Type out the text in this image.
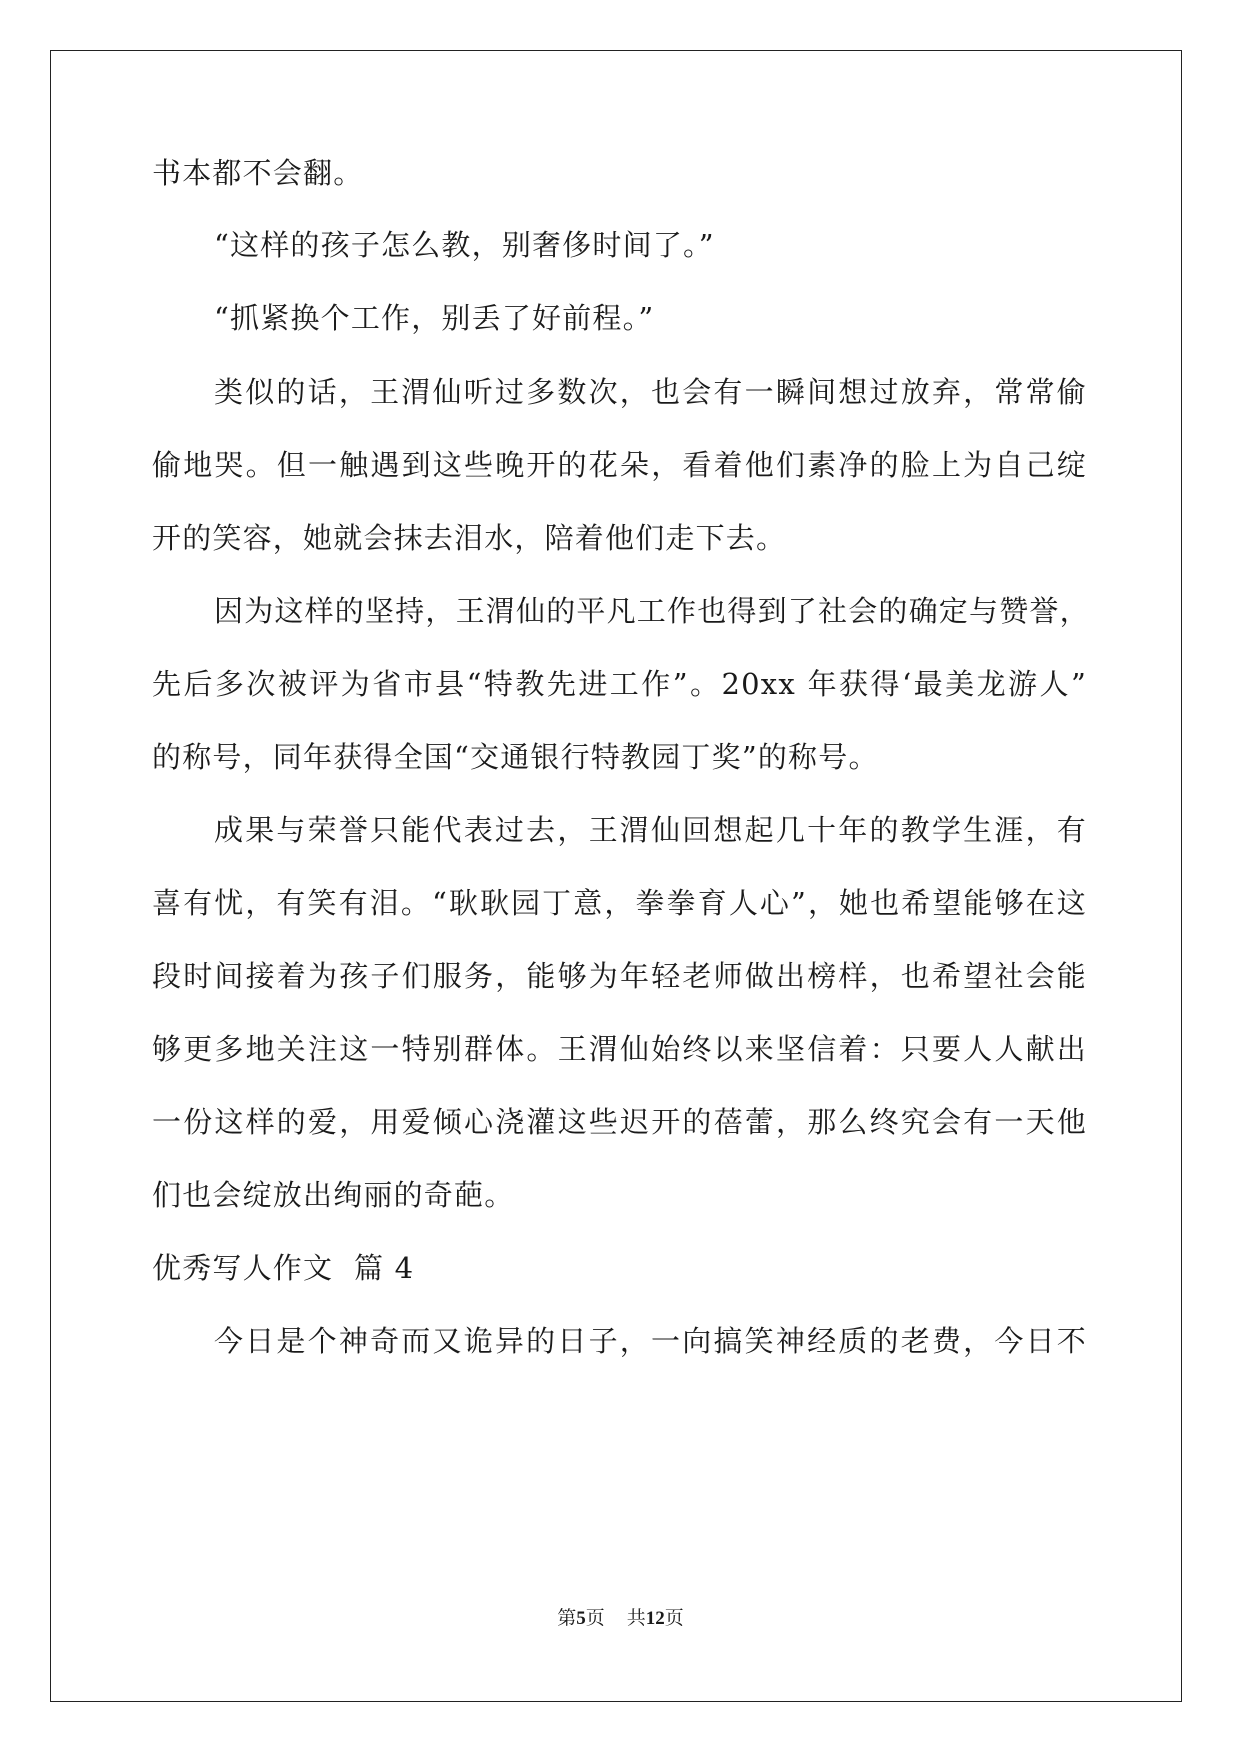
书本都不会翻。
“这样的孩子怎么教，别奢侈时间了。”
“抓紧换个工作，别丢了好前程。”
类似的话，王渭仙听过多数次，也会有一瞬间想过放弃，常常偷
偷地哭。但一触遇到这些晚开的花朵，看着他们素净的脸上为自己绽
开的笑容，她就会抹去泪水，陪着他们走下去。
因为这样的坚持，王渭仙的平凡工作也得到了社会的确定与赞誉，
先后多次被评为省市县“特教先进工作”。20xx 年获得‘最美龙游人”
的称号，同年获得全国“交通银行特教园丁奖”的称号。
成果与荣誉只能代表过去，王渭仙回想起几十年的教学生涯，有
喜有忧，有笑有泪。“耿耿园丁意，拳拳育人心”，她也希望能够在这
段时间接着为孩子们服务，能够为年轻老师做出榜样，也希望社会能
够更多地关注这一特别群体。王渭仙始终以来坚信着：只要人人献出
一份这样的爱，用爱倾心浇灌这些迟开的蓓蕾，那么终究会有一天他
们也会绽放出绚丽的奇葩。
优秀写人作文  篇 4
今日是个神奇而又诡异的日子，一向搞笑神经质的老费，今日不
第5页 共12页
